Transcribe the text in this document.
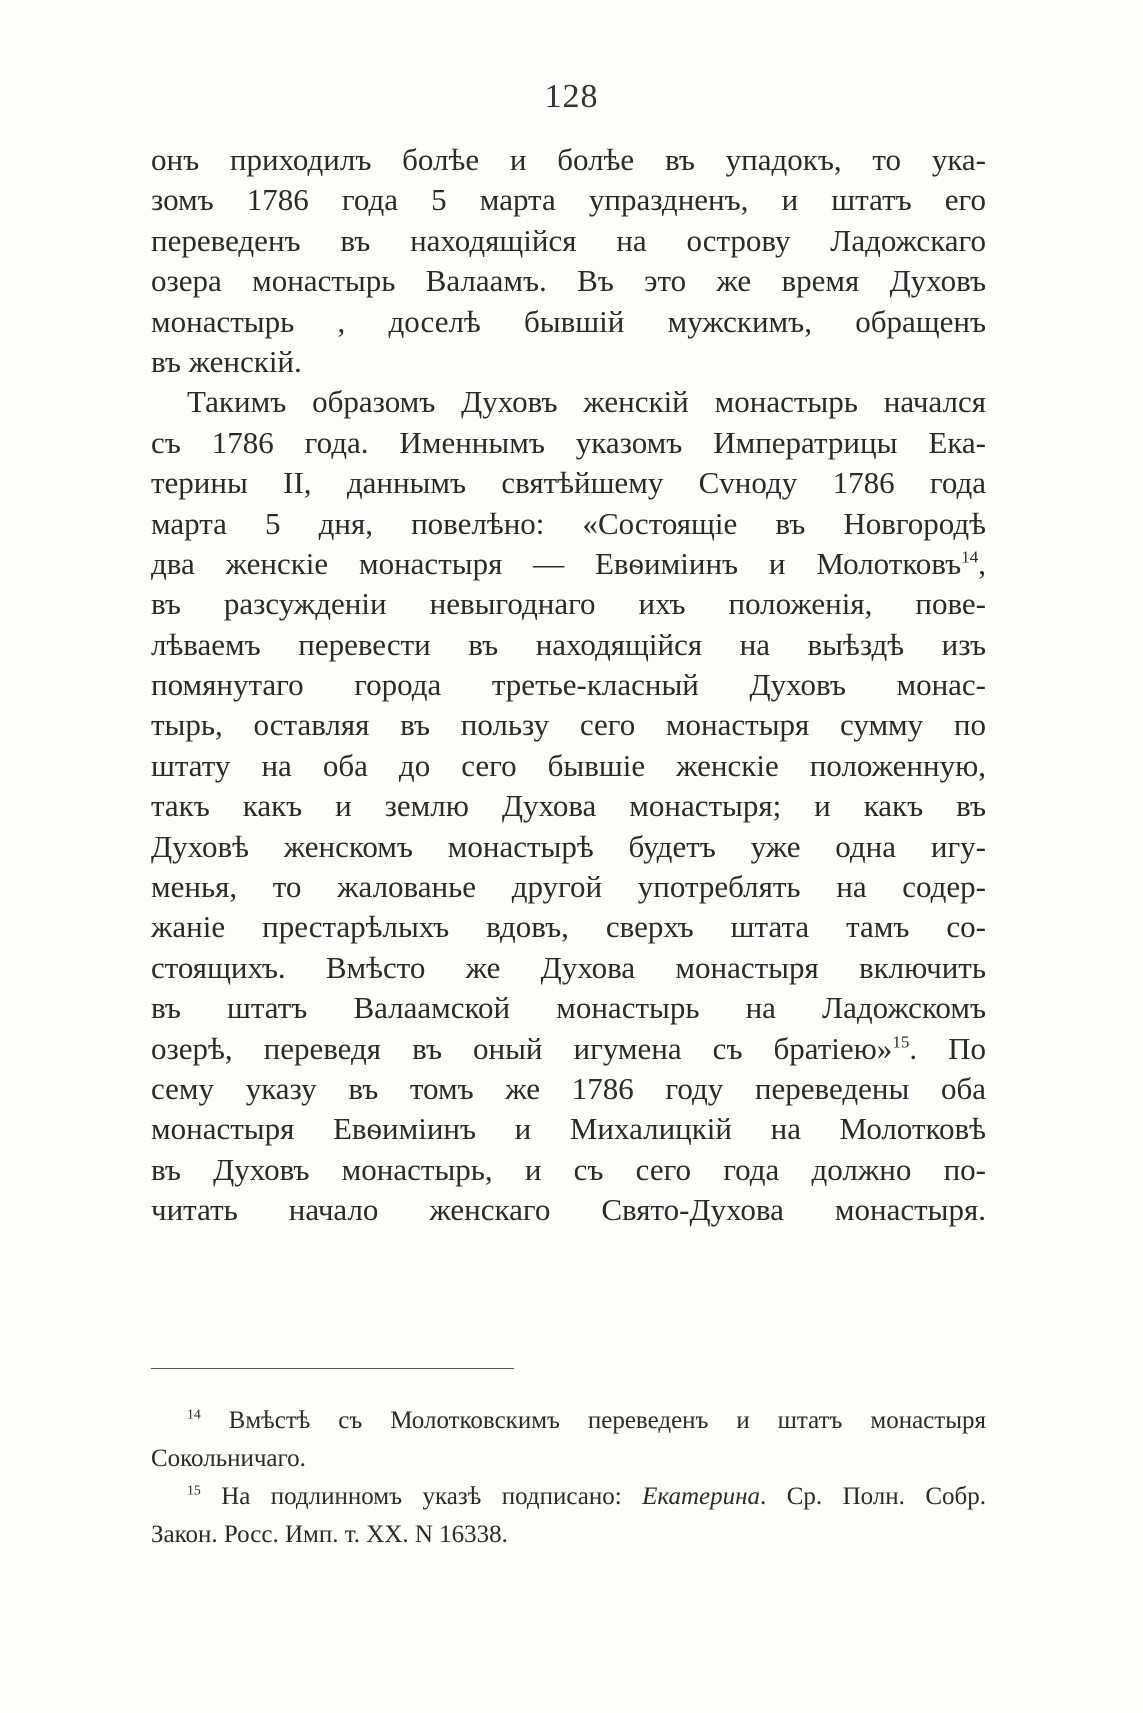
128
онъ приходилъ болѣе и болѣе въ упадокъ, то ука-
зомъ 1786 года 5 марта упраздненъ, и штатъ его
переведенъ въ находящійся на острову Ладожскаго
озера монастырь Валаамъ. Въ это же время Духовъ
монастырь , доселѣ бывшій мужскимъ, обращенъ
въ женскій.
Такимъ образомъ Духовъ женскій монастырь начался
съ 1786 года. Именнымъ указомъ Императрицы Ека-
терины II, даннымъ святѣйшему Сvноду 1786 года
марта 5 дня, повелѣно: «Состоящіе въ Новгородѣ
два женскіе монастыря — Евѳиміинъ и Молотковъ$^{14}$,
въ разсужденіи невыгоднаго ихъ положенія, пове-
лѣваемъ перевести въ находящійся на выѣздѣ изъ
помянутаго города третье-класный Духовъ монас-
тырь, оставляя въ пользу сего монастыря сумму по
штату на оба до сего бывшіе женскіе положенную,
такъ какъ и землю Духова монастыря; и какъ въ
Духовѣ женскомъ монастырѣ будетъ уже одна игу-
менья, то жалованье другой употреблять на содер-
жаніе престарѣлыхъ вдовъ, сверхъ штата тамъ со-
стоящихъ. Вмѣсто же Духова монастыря включить
въ штатъ Валаамской монастырь на Ладожскомъ
озерѣ, переведя въ оный игумена съ братіею»$^{15}$. По
сему указу въ томъ же 1786 году переведены оба
монастыря Евѳиміинъ и Михалицкій на Молотковѣ
въ Духовъ монастырь, и съ сего года должно по-
читать начало женскаго Свято-Духова монастыря.
$^{14}$ Вмѣстѣ съ Молотковскимъ переведенъ и штатъ монастыря
Сокольничаго.
$^{15}$ На подлинномъ указѣ подписано: Екатерина. Ср. Полн. Собр.
Закон. Росс. Имп. т. XX. N 16338.
